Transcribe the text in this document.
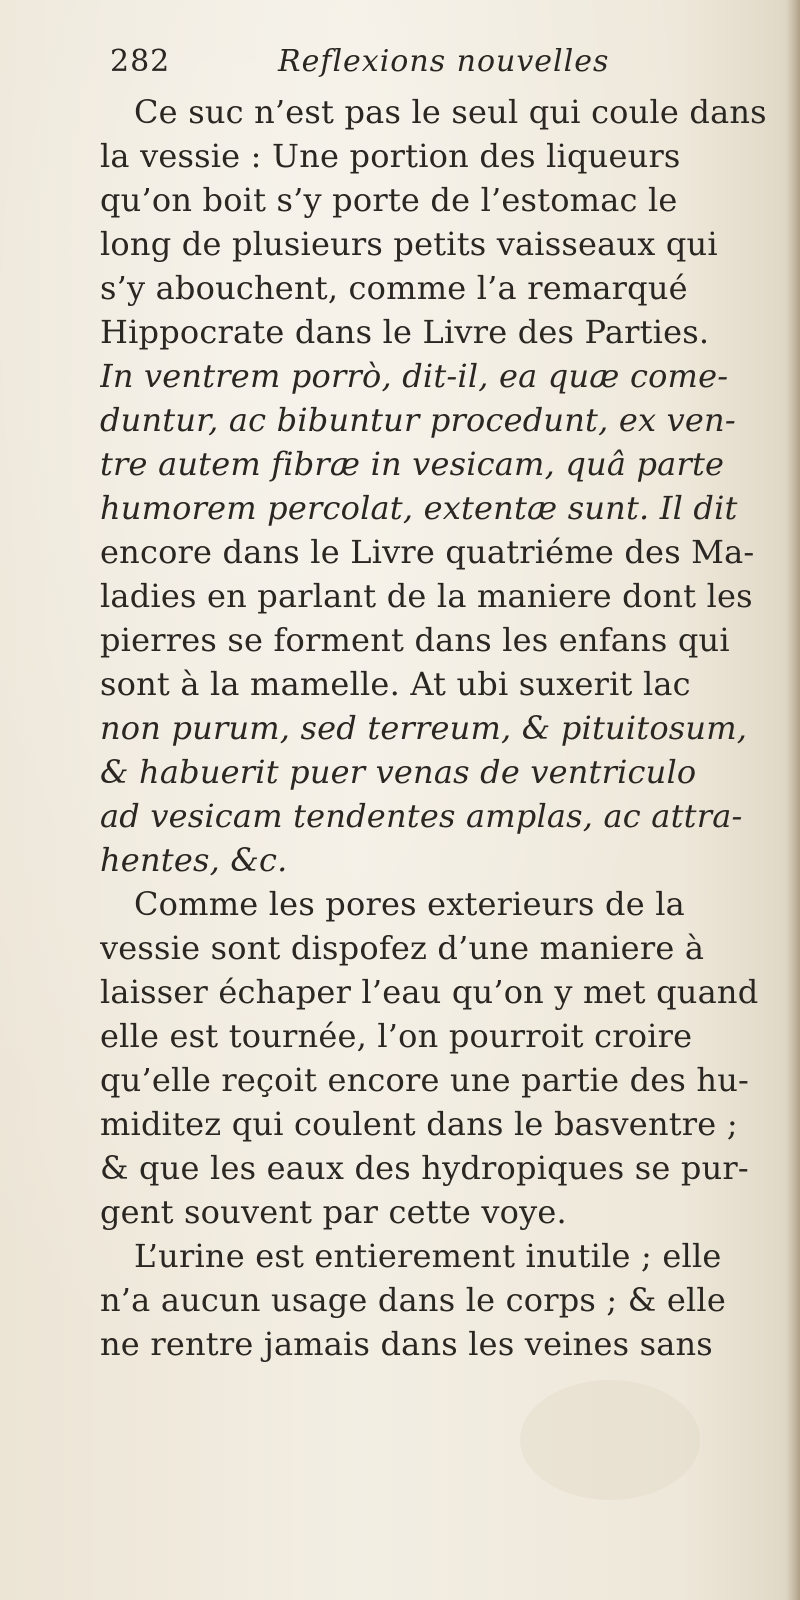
282	Reflexions nouvelles
Ce suc n’est pas le seul qui coule dans
la vessie : Une portion des liqueurs
qu’on boit s’y porte de l’estomac le
long de plusieurs petits vaisseaux qui
s’y abouchent, comme l’a remarqué
Hippocrate dans le Livre des Parties.
In ventrem porrò, dit-il, ea quæ come-
duntur, ac bibuntur procedunt, ex ven-
tre autem fibræ in vesicam, quâ parte
humorem percolat, extentæ sunt. Il dit
encore dans le Livre quatriéme des Ma-
ladies en parlant de la maniere dont les
pierres se forment dans les enfans qui
sont à la mamelle. At ubi suxerit lac
non purum, sed terreum, & pituitosum,
& habuerit puer venas de ventriculo
ad vesicam tendentes amplas, ac attra-
hentes, &c.
Comme les pores exterieurs de la
vessie sont dispofez d’une maniere à
laisser échaper l’eau qu’on y met quand
elle est tournée, l’on pourroit croire
qu’elle reçoit encore une partie des hu-
miditez qui coulent dans le basventre ;
& que les eaux des hydropiques se pur-
gent souvent par cette voye.
L’urine est entierement inutile ; elle
n’a aucun usage dans le corps ; & elle
ne rentre jamais dans les veines sans
